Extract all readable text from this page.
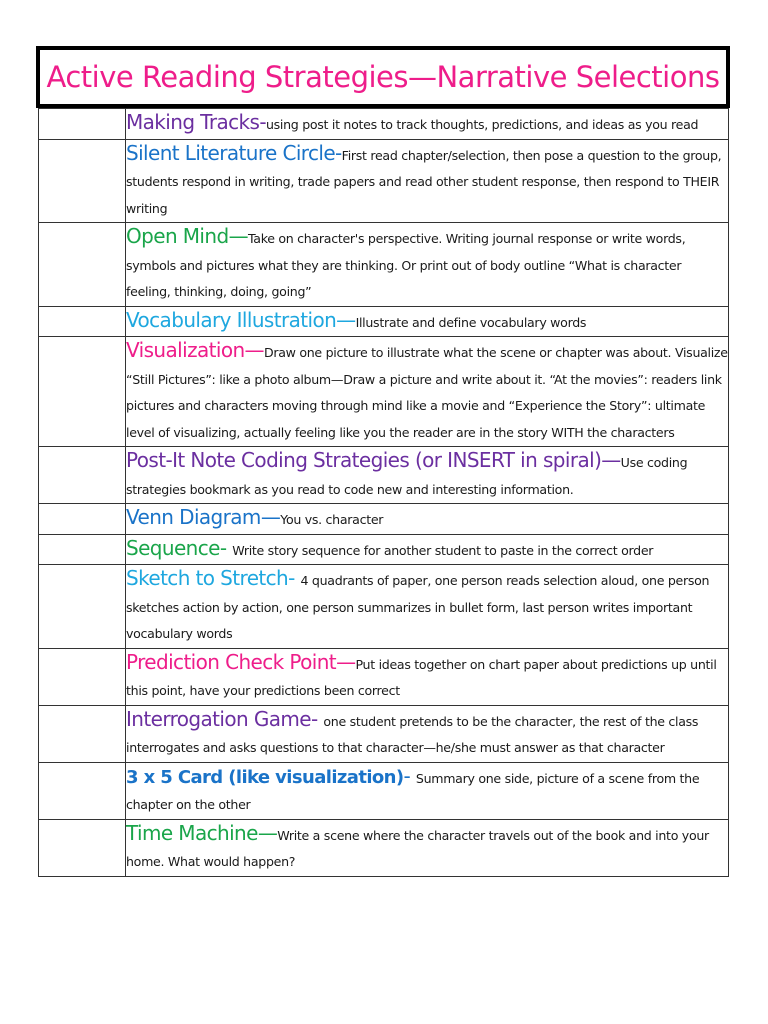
Active Reading Strategies—Narrative Selections
	Making Tracks-using post it notes to track thoughts, predictions, and ideas as you read
	Silent Literature Circle-First read chapter/selection, then pose a question to the group, students respond in writing, trade papers and read other student response, then respond to THEIR writing
	Open Mind—Take on character's perspective. Writing journal response or write words, symbols and pictures what they are thinking. Or print out of body outline “What is character feeling, thinking, doing, going”
	Vocabulary Illustration—Illustrate and define vocabulary words
	Visualization—Draw one picture to illustrate what the scene or chapter was about. Visualize “Still Pictures”: like a photo album—Draw a picture and write about it. “At the movies”: readers link pictures and characters moving through mind like a movie and “Experience the Story”: ultimate level of visualizing, actually feeling like you the reader are in the story WITH the characters
	Post-It Note Coding Strategies (or INSERT in spiral)—Use coding strategies bookmark as you read to code new and interesting information.
	Venn Diagram—You vs. character
	Sequence- Write story sequence for another student to paste in the correct order
	Sketch to Stretch- 4 quadrants of paper, one person reads selection aloud, one person sketches action by action, one person summarizes in bullet form, last person writes important vocabulary words
	Prediction Check Point—Put ideas together on chart paper about predictions up until this point, have your predictions been correct
	Interrogation Game- one student pretends to be the character, the rest of the class interrogates and asks questions to that character—he/she must answer as that character
	3 x 5 Card (like visualization)- Summary one side, picture of a scene from the chapter on the other
	Time Machine—Write a scene where the character travels out of the book and into your home. What would happen?
